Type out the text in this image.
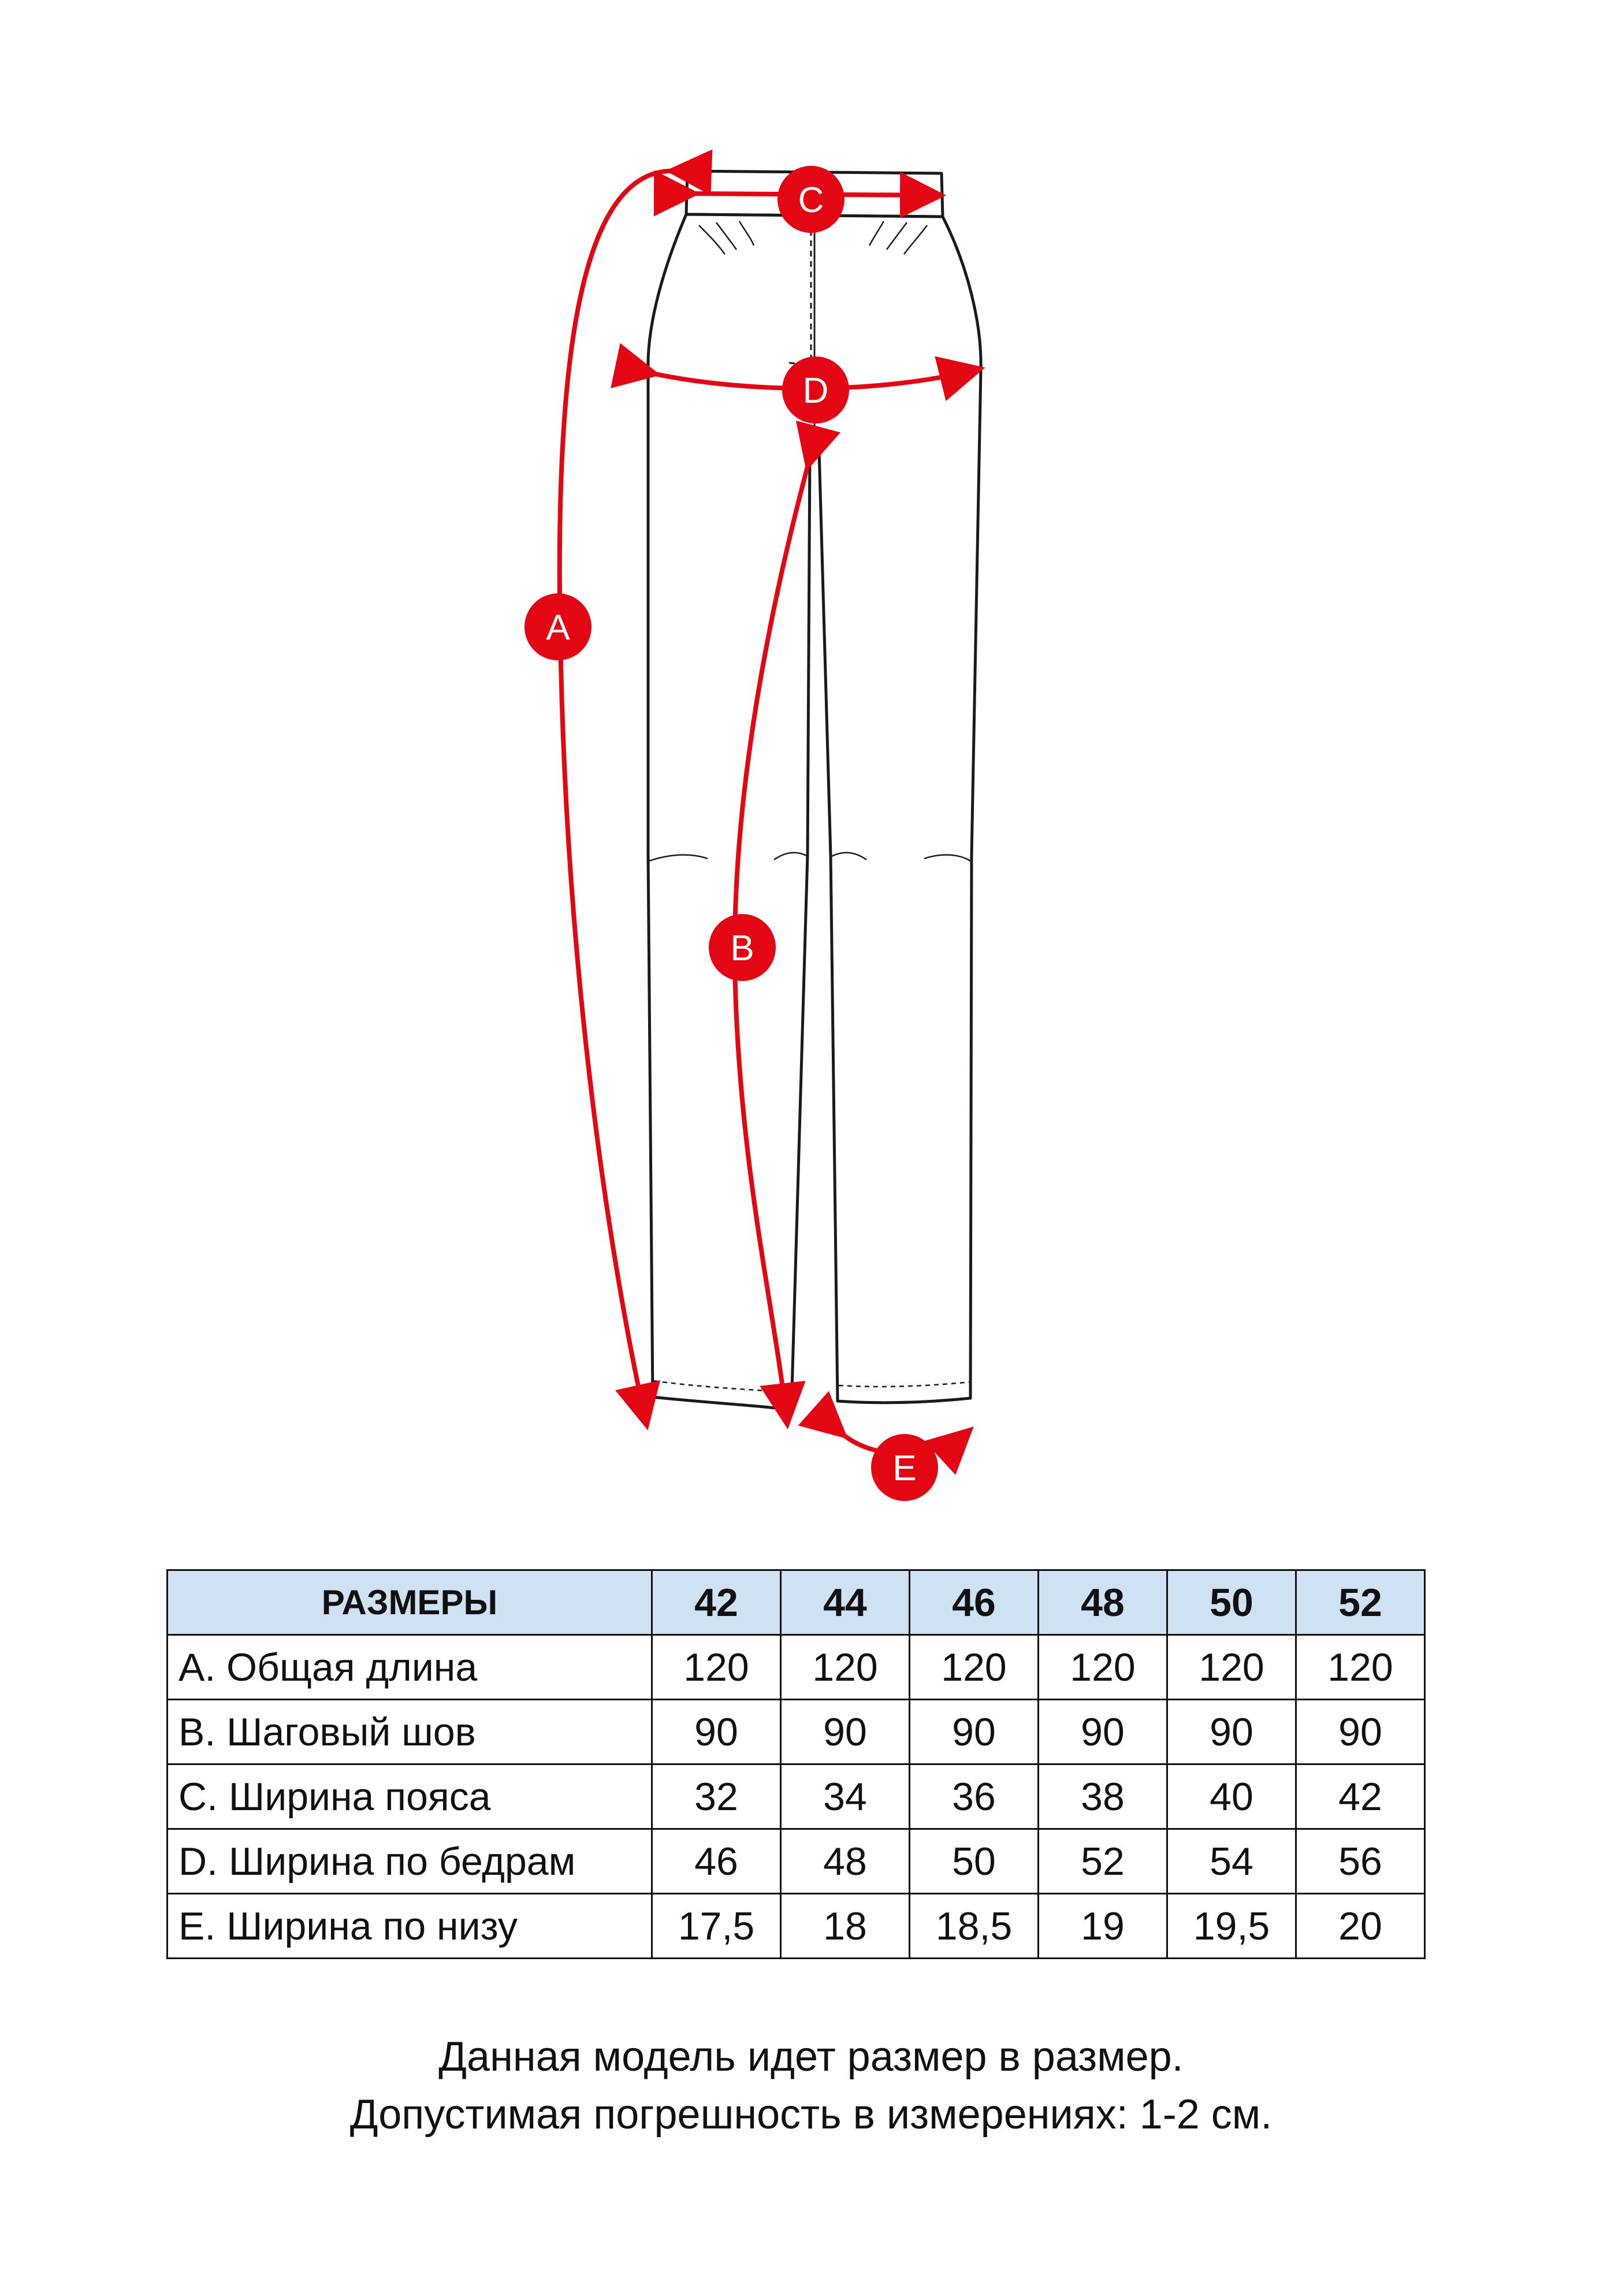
A
B
C
D
E
РАЗМЕРЫ	42	44	46	48	50	52
A. Общая длина	120	120	120	120	120	120
B. Шаговый шов	90	90	90	90	90	90
C. Ширина пояса	32	34	36	38	40	42
D. Ширина по бедрам	46	48	50	52	54	56
E. Ширина по низу	17,5	18	18,5	19	19,5	20
Данная модель идет размер в размер.
Допустимая погрешность в измерениях: 1-2 см.
